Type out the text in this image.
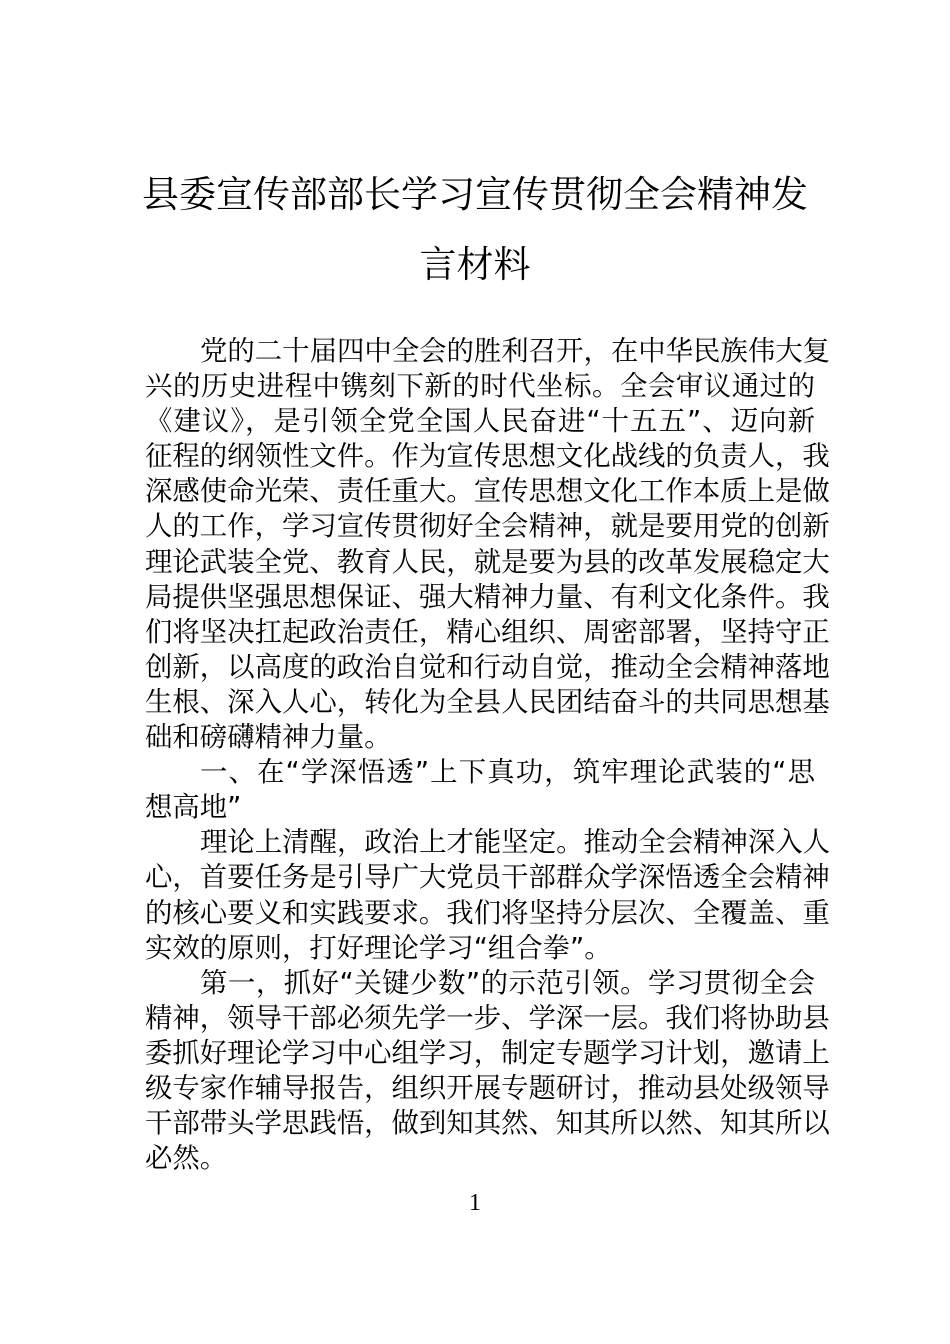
县委宣传部部长学习宣传贯彻全会精神发
言材料
党的二十届四中全会的胜利召开，在中华民族伟大复
兴的历史进程中镌刻下新的时代坐标。全会审议通过的
《建议》，是引领全党全国人民奋进“十五五”、迈向新
征程的纲领性文件。作为宣传思想文化战线的负责人，我
深感使命光荣、责任重大。宣传思想文化工作本质上是做
人的工作，学习宣传贯彻好全会精神，就是要用党的创新
理论武装全党、教育人民，就是要为县的改革发展稳定大
局提供坚强思想保证、强大精神力量、有利文化条件。我
们将坚决扛起政治责任，精心组织、周密部署，坚持守正
创新，以高度的政治自觉和行动自觉，推动全会精神落地
生根、深入人心，转化为全县人民团结奋斗的共同思想基
础和磅礴精神力量。
一、在“学深悟透”上下真功，筑牢理论武装的“思
想高地”
理论上清醒，政治上才能坚定。推动全会精神深入人
心，首要任务是引导广大党员干部群众学深悟透全会精神
的核心要义和实践要求。我们将坚持分层次、全覆盖、重
实效的原则，打好理论学习“组合拳”。
第一，抓好“关键少数”的示范引领。学习贯彻全会
精神，领导干部必须先学一步、学深一层。我们将协助县
委抓好理论学习中心组学习，制定专题学习计划，邀请上
级专家作辅导报告，组织开展专题研讨，推动县处级领导
干部带头学思践悟，做到知其然、知其所以然、知其所以
必然。
1
